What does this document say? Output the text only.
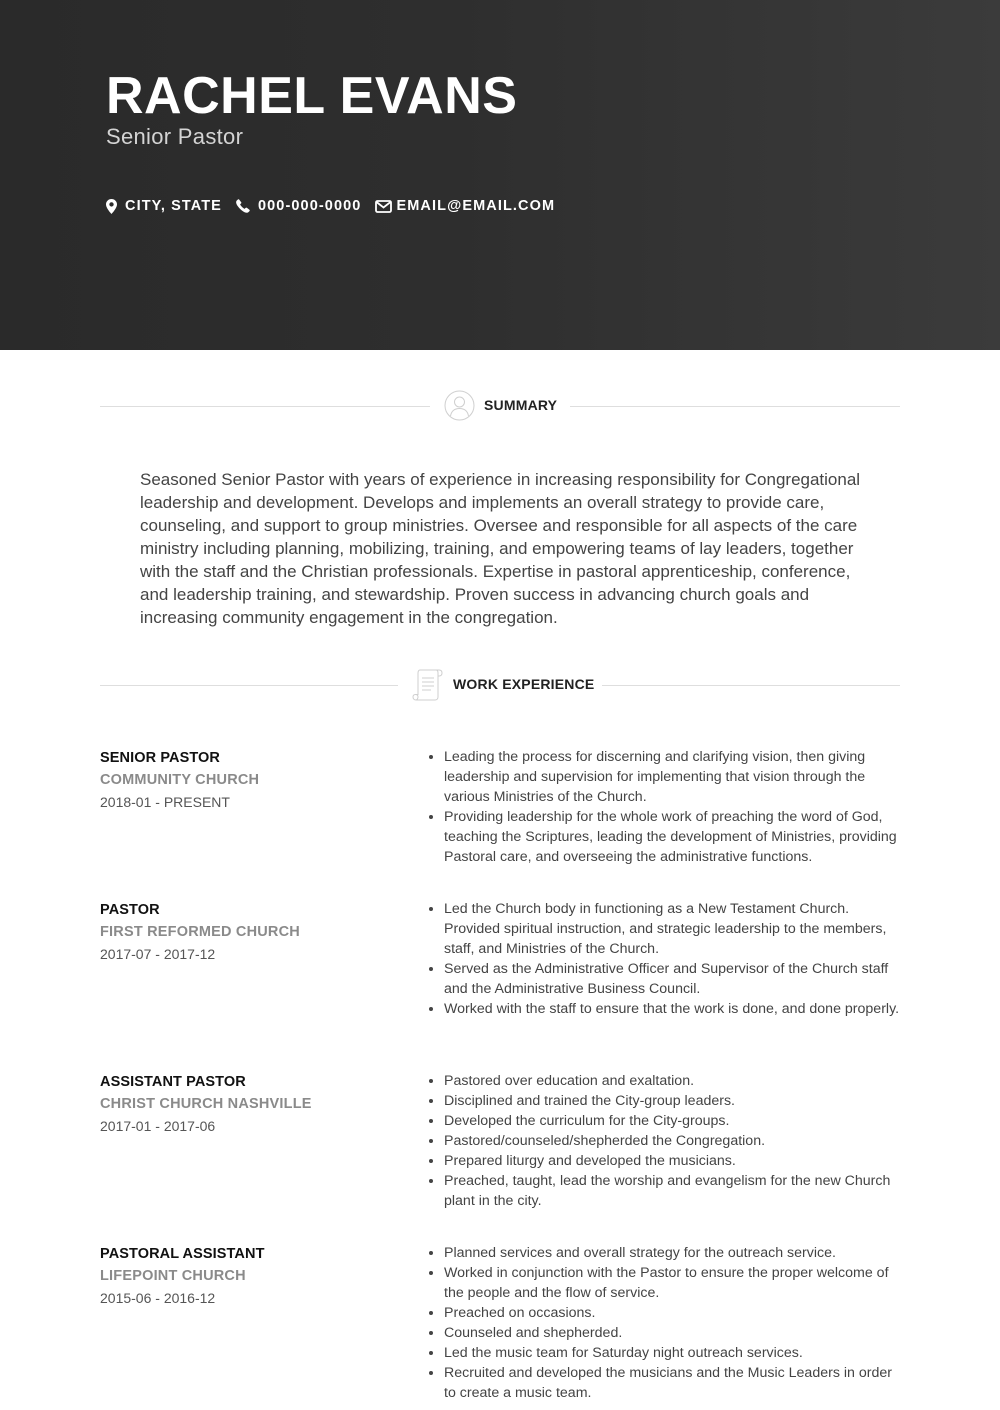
RACHEL EVANS
Senior Pastor
CITY, STATE 000-000-0000 EMAIL@EMAIL.COM
SUMMARY

Seasoned Senior Pastor with years of experience in increasing responsibility for Congregational leadership and development. Develops and implements an overall strategy to provide care, counseling, and support to group ministries. Oversee and responsible for all aspects of the care ministry including planning, mobilizing, training, and empowering teams of lay leaders, together with the staff and the Christian professionals. Expertise in pastoral apprenticeship, conference, and leadership training, and stewardship. Proven success in advancing church goals and increasing community engagement in the congregation.

WORK EXPERIENCE
SENIOR PASTOR
COMMUNITY CHURCH
2018-01 - PRESENT
• Leading the process for discerning and clarifying vision, then giving leadership and supervision for implementing that vision through the various Ministries of the Church.
• Providing leadership for the whole work of preaching the word of God, teaching the Scriptures, leading the development of Ministries, providing Pastoral care, and overseeing the administrative functions.
PASTOR
FIRST REFORMED CHURCH
2017-07 - 2017-12
• Led the Church body in functioning as a New Testament Church. Provided spiritual instruction, and strategic leadership to the members, staff, and Ministries of the Church.
• Served as the Administrative Officer and Supervisor of the Church staff and the Administrative Business Council.
• Worked with the staff to ensure that the work is done, and done properly.
ASSISTANT PASTOR
CHRIST CHURCH NASHVILLE
2017-01 - 2017-06
• Pastored over education and exaltation.
• Disciplined and trained the City-group leaders.
• Developed the curriculum for the City-groups.
• Pastored/counseled/shepherded the Congregation.
• Prepared liturgy and developed the musicians.
• Preached, taught, lead the worship and evangelism for the new Church plant in the city.
PASTORAL ASSISTANT
LIFEPOINT CHURCH
2015-06 - 2016-12
• Planned services and overall strategy for the outreach service.
• Worked in conjunction with the Pastor to ensure the proper welcome of the people and the flow of service.
• Preached on occasions.
• Counseled and shepherded.
• Led the music team for Saturday night outreach services.
• Recruited and developed the musicians and the Music Leaders in order to create a music team.
